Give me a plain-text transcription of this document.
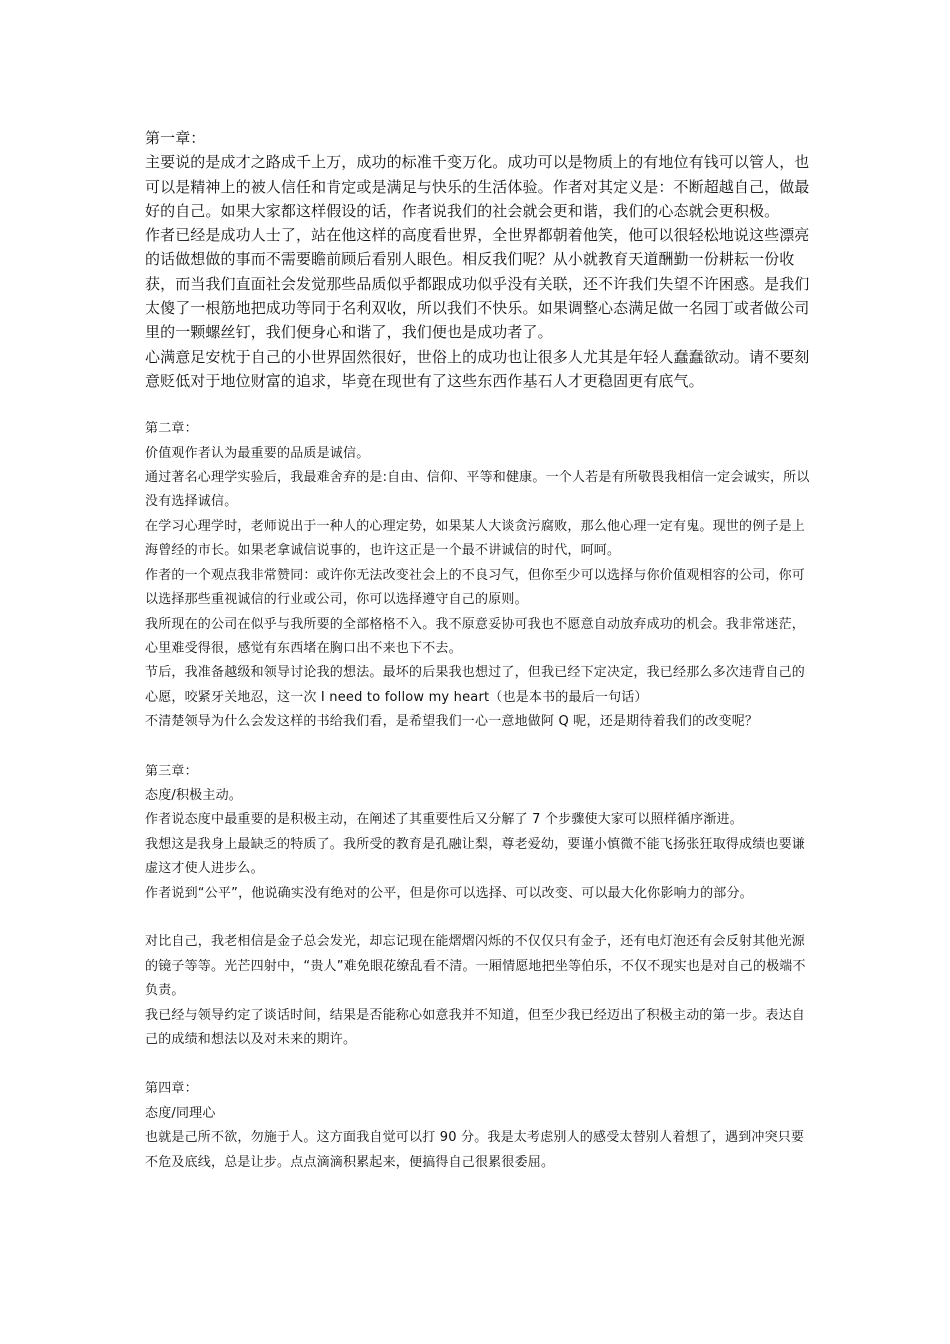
第一章：

主要说的是成才之路成千上万，成功的标准千变万化。成功可以是物质上的有地位有钱可以管人，也可以是精神上的被人信任和肯定或是满足与快乐的生活体验。作者对其定义是：不断超越自己，做最好的自己。如果大家都这样假设的话，作者说我们的社会就会更和谐，我们的心态就会更积极。

作者已经是成功人士了，站在他这样的高度看世界，全世界都朝着他笑，他可以很轻松地说这些漂亮的话做想做的事而不需要瞻前顾后看别人眼色。相反我们呢？从小就教育天道酬勤一份耕耘一份收获，而当我们直面社会发觉那些品质似乎都跟成功似乎没有关联，还不许我们失望不许困惑。是我们太傻了一根筋地把成功等同于名利双收，所以我们不快乐。如果调整心态满足做一名园丁或者做公司里的一颗螺丝钉，我们便身心和谐了，我们便也是成功者了。

心满意足安枕于自己的小世界固然很好，世俗上的成功也让很多人尤其是年轻人蠢蠢欲动。请不要刻意贬低对于地位财富的追求，毕竟在现世有了这些东西作基石人才更稳固更有底气。

第二章：

价值观作者认为最重要的品质是诚信。

通过著名心理学实验后，我最难舍弃的是:自由、信仰、平等和健康。一个人若是有所敬畏我相信一定会诚实，所以没有选择诚信。

在学习心理学时，老师说出于一种人的心理定势，如果某人大谈贪污腐败，那么他心理一定有鬼。现世的例子是上海曾经的市长。如果老拿诚信说事的，也许这正是一个最不讲诚信的时代，呵呵。

作者的一个观点我非常赞同：或许你无法改变社会上的不良习气，但你至少可以选择与你价值观相容的公司，你可以选择那些重视诚信的行业或公司，你可以选择遵守自己的原则。

我所现在的公司在似乎与我所要的全部格格不入。我不原意妥协可我也不愿意自动放弃成功的机会。我非常迷茫，心里难受得很，感觉有东西堵在胸口出不来也下不去。

节后，我准备越级和领导讨论我的想法。最坏的后果我也想过了，但我已经下定决定，我已经那么多次违背自己的心愿，咬紧牙关地忍，这一次 I need to follow my heart（也是本书的最后一句话）

不清楚领导为什么会发这样的书给我们看，是希望我们一心一意地做阿 Q 呢，还是期待着我们的改变呢？

第三章：

态度/积极主动。

作者说态度中最重要的是积极主动，在阐述了其重要性后又分解了 7 个步骤使大家可以照样循序渐进。

我想这是我身上最缺乏的特质了。我所受的教育是孔融让梨，尊老爱幼，要谨小慎微不能飞扬张狂取得成绩也要谦虚这才使人进步么。

作者说到“公平”，他说确实没有绝对的公平，但是你可以选择、可以改变、可以最大化你影响力的部分。

对比自己，我老相信是金子总会发光，却忘记现在能熠熠闪烁的不仅仅只有金子，还有电灯泡还有会反射其他光源的镜子等等。光芒四射中，“贵人”难免眼花缭乱看不清。一厢情愿地把坐等伯乐，不仅不现实也是对自己的极端不负责。

我已经与领导约定了谈话时间，结果是否能称心如意我并不知道，但至少我已经迈出了积极主动的第一步。表达自己的成绩和想法以及对未来的期许。

第四章：

态度/同理心

也就是己所不欲，勿施于人。这方面我自觉可以打 90 分。我是太考虑别人的感受太替别人着想了，遇到冲突只要不危及底线，总是让步。点点滴滴积累起来，便搞得自己很累很委屈。
